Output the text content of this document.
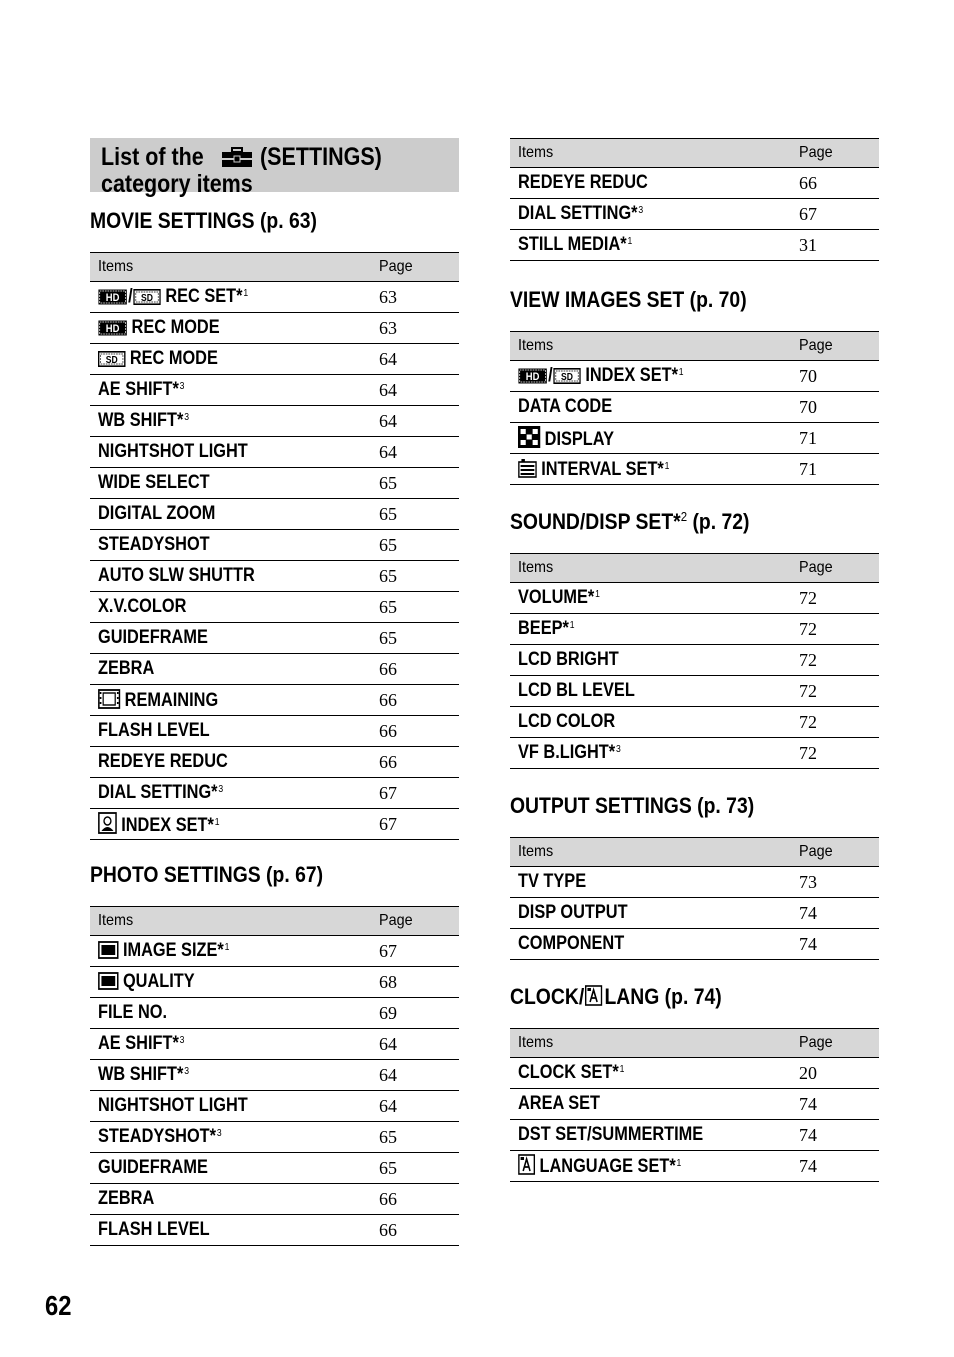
List of the (SETTINGS)
category items
MOVIE SETTINGS (p. 63)
Items	Page

HD / SD REC SET*$^1$	63

HD REC MODE	63

SD REC MODE	64
AE SHIFT*$^3$	64
WB SHIFT*$^3$	64
NIGHTSHOT LIGHT	64
WIDE SELECT	65
DIGITAL ZOOM	65
STEADYSHOT	65
AUTO SLW SHUTTR	65
X.V.COLOR	65
GUIDEFRAME	65
ZEBRA	66

REMAINING	66
FLASH LEVEL	66
REDEYE REDUC	66
DIAL SETTING*$^3$	67

INDEX SET*$^1$	67
PHOTO SETTINGS (p. 67)
Items	Page

IMAGE SIZE*$^1$	67

QUALITY	68
FILE NO.	69
AE SHIFT*$^3$	64
WB SHIFT*$^3$	64
NIGHTSHOT LIGHT	64
STEADYSHOT*$^3$	65
GUIDEFRAME	65
ZEBRA	66
FLASH LEVEL	66
Items	Page
REDEYE REDUC	66
DIAL SETTING*$^3$	67
STILL MEDIA*$^1$	31
VIEW IMAGES SET (p. 70)
Items	Page

HD / SD INDEX SET*$^1$	70
DATA CODE	70

DISPLAY	71

INTERVAL SET*$^1$	71
SOUND/DISP SET*$^2$ (p. 72)
Items	Page
VOLUME*$^1$	72
BEEP*$^1$	72
LCD BRIGHT	72
LCD BL LEVEL	72
LCD COLOR	72
VF B.LIGHT*$^3$	72
OUTPUT SETTINGS (p. 73)
Items	Page
TV TYPE	73
DISP OUTPUT	74
COMPONENT	74
CLOCK/ LANG (p. 74)
Items	Page
CLOCK SET*$^1$	20
AREA SET	74
DST SET/SUMMERTIME	74

LANGUAGE SET*$^1$	74
62
